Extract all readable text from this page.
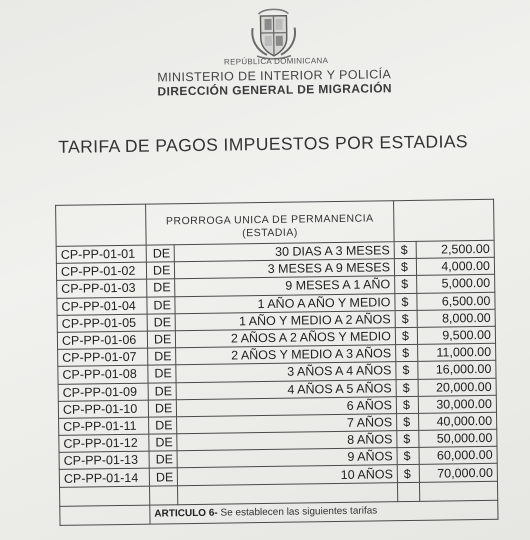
REPÚBLICA DOMINICANA
MINISTERIO DE INTERIOR Y POLICÍA
DIRECCIÓN GENERAL DE MIGRACIÓN
TARIFA DE PAGOS IMPUESTOS POR ESTADIAS

	PRORROGA UNICA DE PERMANENCIA
(ESTADIA)			

CP-PP-01-01	DE	30 DIAS A 3 MESES	$	2,500.00
CP-PP-01-02	DE	3 MESES A 9 MESES	$	4,000.00
CP-PP-01-03	DE	9 MESES A 1 AÑO	$	5,000.00
CP-PP-01-04	DE	1 AÑO A AÑO Y MEDIO	$	6,500.00
CP-PP-01-05	DE	1 AÑO Y MEDIO A 2 AÑOS	$	8,000.00
CP-PP-01-06	DE	2 AÑOS A 2 AÑOS Y MEDIO	$	9,500.00
CP-PP-01-07	DE	2 AÑOS Y MEDIO A 3 AÑOS	$	11,000.00
CP-PP-01-08	DE	3 AÑOS A 4 AÑOS	$	16,000.00
CP-PP-01-09	DE	4 AÑOS A 5 AÑOS	$	20,000.00
CP-PP-01-10	DE	6 AÑOS	$	30,000.00
CP-PP-01-11	DE	7 AÑOS	$	40,000.00
CP-PP-01-12	DE	8 AÑOS	$	50,000.00
CP-PP-01-13	DE	9 AÑOS	$	60,000.00
CP-PP-01-14	DE	10 AÑOS	$	70,000.00

	ARTICULO 6- Se establecen las siguientes tarifas			
